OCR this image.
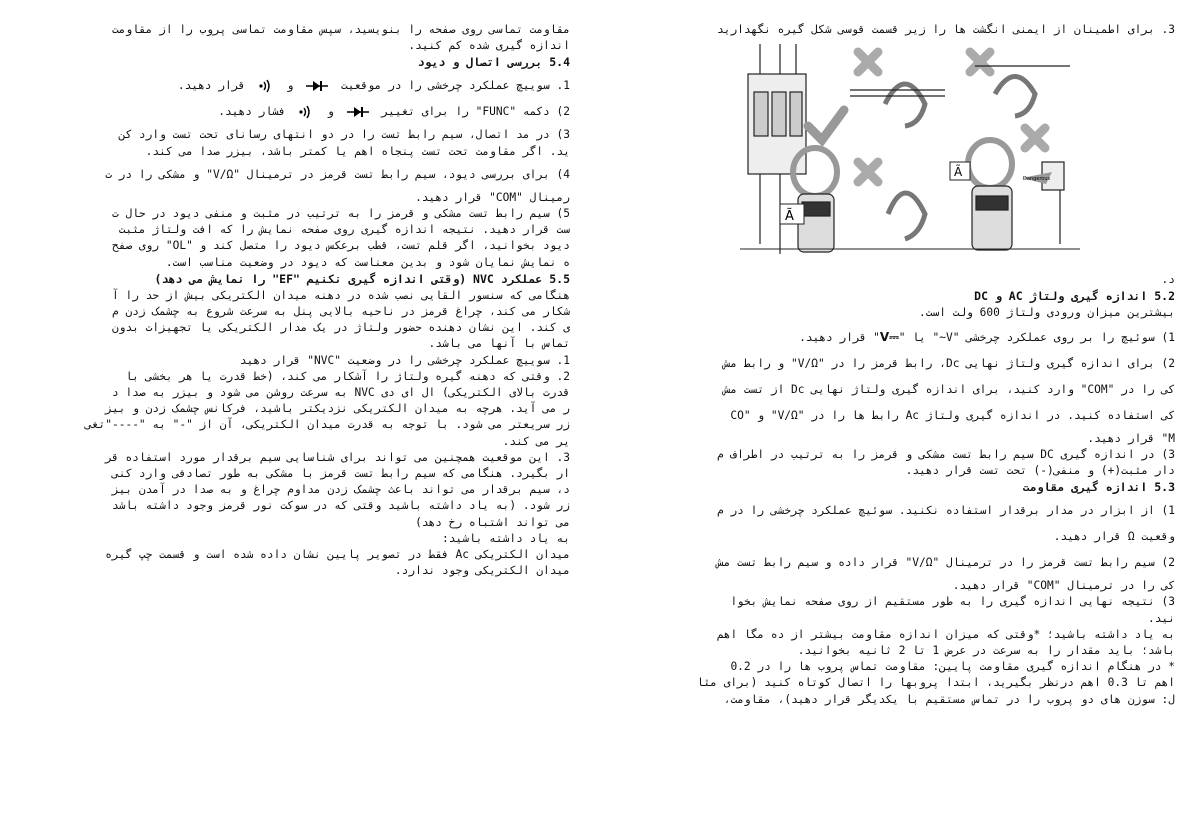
مقاومت تماسی روی صفحه را بنویسید، سپس مقاومت تماسی پروب را از مقاومت

اندازه گیری شده کم کنید.

5.4 بررسی اتصال و دیود

1. سوییچ عملکرد چرخشی را در موقعیت  و  قرار دهید.

2) دکمه "FUNC" را برای تغییر  و  فشار دهید.

3) در مد اتصال، سیم رابط تست را در دو انتهای رسانای تحت تست وارد کن

ید. اگر مقاومت تحت تست پنجاه اهم یا کمتر باشد، بیزر صدا می کند.

4) برای بررسی دیود، سیم رابط تست قرمز در ترمینال "V/Ω" و مشکی را در ت

رمینال "COM" قرار دهید.

5) سیم رابط تست مشکی و قرمز را به ترتیب در مثبت و منفی دیود در حال ت

ست قرار دهید. نتیجه اندازه گیری روی صفحه نمایش را که افت ولتاژ مثبت

دیود بخوانید، اگر قلم تست، قطب برعکس دیود را متصل کند و "OL" روی صفح

ه نمایش نمایان شود و بدین معناست که دیود در وضعیت مناسب است.

5.5 عملکرد NVC (وقتی اندازه گیری نکنیم "EF" را نمایش می دهد)

هنگامی که سنسور القایی نصب شده در دهنه میدان الکتریکی بیش از حد را آ

شکار می کند، چراغ قرمز در ناحیه بالایی پنل به سرعت شروع به چشمک زدن م

ی کند. این نشان دهنده حضور ولتاژ در یک مدار الکتریکی یا تجهیزات بدون

تماس با آنها می باشد.

1. سوییچ عملکرد چرخشی را در وضعیت "NVC" قرار دهید

2. وقتی که دهنه گیره ولتاژ را آشکار می کند، (خط قدرت یا هر بخشی با

قدرت بالای الکتریکی) ال ای دی NVC به سرعت روشن می شود و بیزر به صدا د

ر می آید. هرچه به میدان الکتریکی نزدیکتر باشید، فرکانس چشمک زدن و بیز

زر سریعتر می شود. با توجه به قدرت میدان الکتریکی، آن از "-" به "----"تغی

یر می کند.

3. این موقعیت همچنین می تواند برای شناسایی سیم برقدار مورد استفاده قر

ار بگیرد. هنگامی که سیم رابط تست قرمز با مشکی به طور تصادفی وارد کنی

د، سیم برقدار می تواند باعث چشمک زدن مداوم چراغ و به صدا در آمدن بیز

زر شود. (به یاد داشته باشید وقتی که در سوکت نور قرمز وجود داشته باشد

می تواند اشتباه رخ دهد)

به یاد داشته باشید:

میدان الکتریکی Ac فقط در تصویر پایین نشان داده شده است و قسمت چپ گیره

میدان الکتریکی وجود ندارد.

3. برای اطمینان از ایمنی انگشت ها را زیر قسمت قوسی شکل گیره نگهدارید

Ã
Ã	Dangerous

د.

5.2 اندازه گیری ولتاژ AC و DC

بیشترین میزان ورودی ولتاژ 600 ولت است.

1) سوئیچ را بر روی عملکرد چرخشی "V~" یا "⎓V" قرار دهید.

2) برای اندازه گیری ولتاژ نهایی Dc، رابط قرمز را در "V/Ω" و رابط مش

کی را در "COM" وارد کنید، برای اندازه گیری ولتاژ نهایی Dc از تست مش

کی استفاده کنید. در اندازه گیری ولتاژ Ac رابط ها را در "V/Ω" و "CO

M" قرار دهید.

3) در اندازه گیری DC سیم رابط تست مشکی و قرمز را به ترتیب در اطراف م

دار مثبت(+) و منفی(-) تحت تست قرار دهید.

5.3 اندازه گیری مقاومت

1) از ابزار در مدار برقدار استفاده نکنید. سوئیچ عملکرد چرخشی را در م

وقعیت Ω قرار دهید.

2) سیم رابط تست قرمز را در ترمینال "V/Ω" قرار داده و سیم رابط تست مش

کی را در ترمینال "COM" قرار دهید.

3) نتیجه نهایی اندازه گیری را به طور مستقیم از روی صفحه نمایش بخوا

نید.

به یاد داشته باشید؛ *وقتی که میزان اندازه مقاومت بیشتر از ده مگا اهم

باشد؛ باید مقدار را به سرعت در عرض 1 تا 2 ثانیه بخوانید.

* در هنگام اندازه گیری مقاومت پایین: مقاومت تماس پروب ها را در 0.2

اهم تا 0.3 اهم درنظر بگیرید، ابتدا پروبها را اتصال کوتاه کنید (برای مثا

ل: سوزن های دو پروب را در تماس مستقیم با یکدیگر قرار دهید)، مقاومت،
